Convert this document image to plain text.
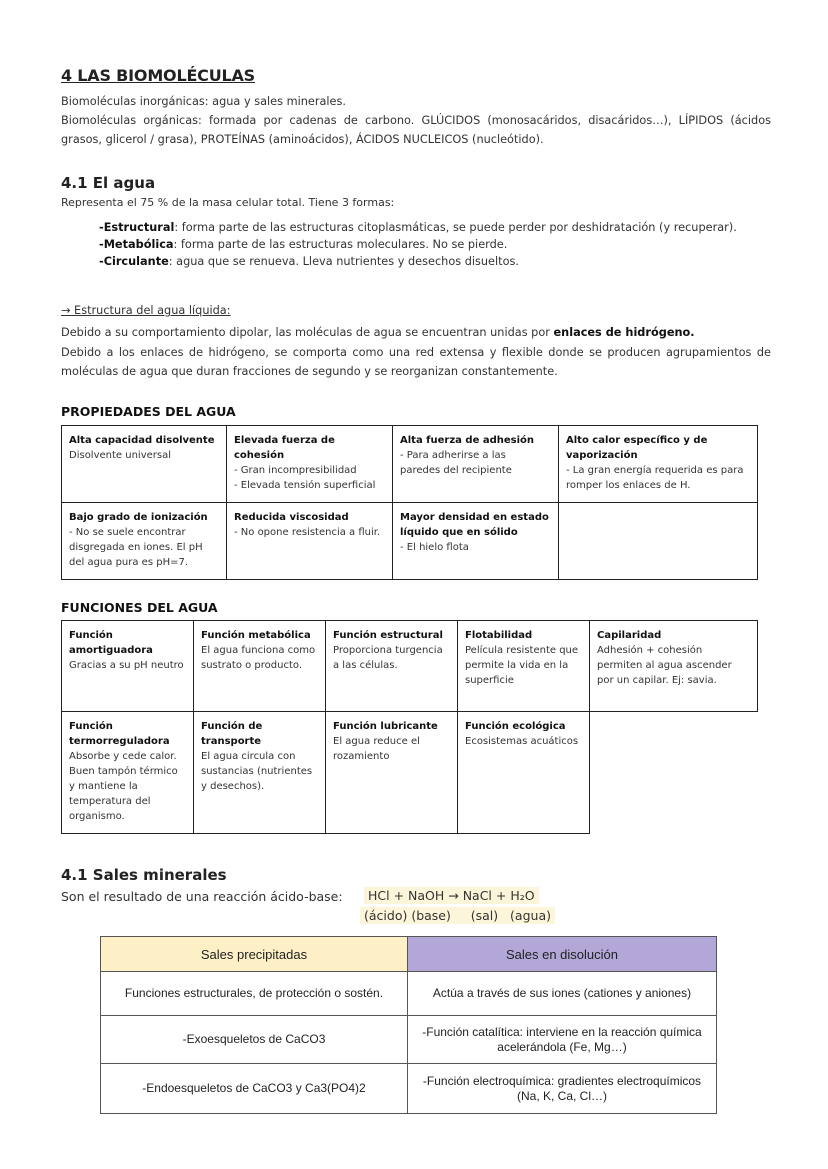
4 LAS BIOMOLÉCULAS
Biomoléculas inorgánicas: agua y sales minerales.
Biomoléculas orgánicas: formada por cadenas de carbono. GLÚCIDOS (monosacáridos, disacáridos…), LÍPIDOS (ácidos grasos, glicerol / grasa), PROTEÍNAS (aminoácidos), ÁCIDOS NUCLEICOS (nucleótido).
4.1 El agua
Representa el 75 % de la masa celular total. Tiene 3 formas:
-Estructural: forma parte de las estructuras citoplasmáticas, se puede perder por deshidratación (y recuperar).
-Metabólica: forma parte de las estructuras moleculares. No se pierde.
-Circulante: agua que se renueva. Lleva nutrientes y desechos disueltos.
→ Estructura del agua líquida:
Debido a su comportamiento dipolar, las moléculas de agua se encuentran unidas por enlaces de hidrógeno.
Debido a los enlaces de hidrógeno, se comporta como una red extensa y flexible donde se producen agrupamientos de moléculas de agua que duran fracciones de segundo y se reorganizan constantemente.
PROPIEDADES DEL AGUA
Alta capacidad disolvente
Disolvente universal	Elevada fuerza de cohesión
- Gran incompresibilidad
- Elevada tensión superficial	Alta fuerza de adhesión
- Para adherirse a las
paredes del recipiente	Alto calor específico y de vaporización
- La gran energía requerida es para romper los enlaces de H.

Bajo grado de ionización
- No se suele encontrar disgregada en iones. El pH del agua pura es pH=7.	Reducida viscosidad
- No opone resistencia a fluir.	Mayor densidad en estado líquido que en sólido
- El hielo flota	

FUNCIONES DEL AGUA
Función amortiguadora
Gracias a su pH neutro	Función metabólica
El agua funciona como sustrato o producto.	Función estructural
Proporciona turgencia a las células.	Flotabilidad
Película resistente que permite la vida en la superficie	Capilaridad
Adhesión + cohesión permiten al agua ascender por un capilar. Ej: savia.

Función termorreguladora
Absorbe y cede calor. Buen tampón térmico y mantiene la temperatura del organismo.	Función de transporte
El agua circula con sustancias (nutrientes y desechos).	Función lubricante
El agua reduce el rozamiento	Función ecológica
Ecosistemas acuáticos	

4.1 Sales minerales
Son el resultado de una reacción ácido-base:	HCl + NaOH → NaCl + H₂O
(ácido) (base)     (sal)   (agua)
Sales precipitadas	Sales en disolución
Funciones estructurales, de protección o sostén.	Actúa a través de sus iones (cationes y aniones)
-Exoesqueletos de CaCO3	-Función catalítica: interviene en la reacción química acelerándola (Fe, Mg…)
-Endoesqueletos de CaCO3 y Ca3(PO4)2	-Función electroquímica: gradientes electroquímicos (Na, K, Ca, Cl…)
